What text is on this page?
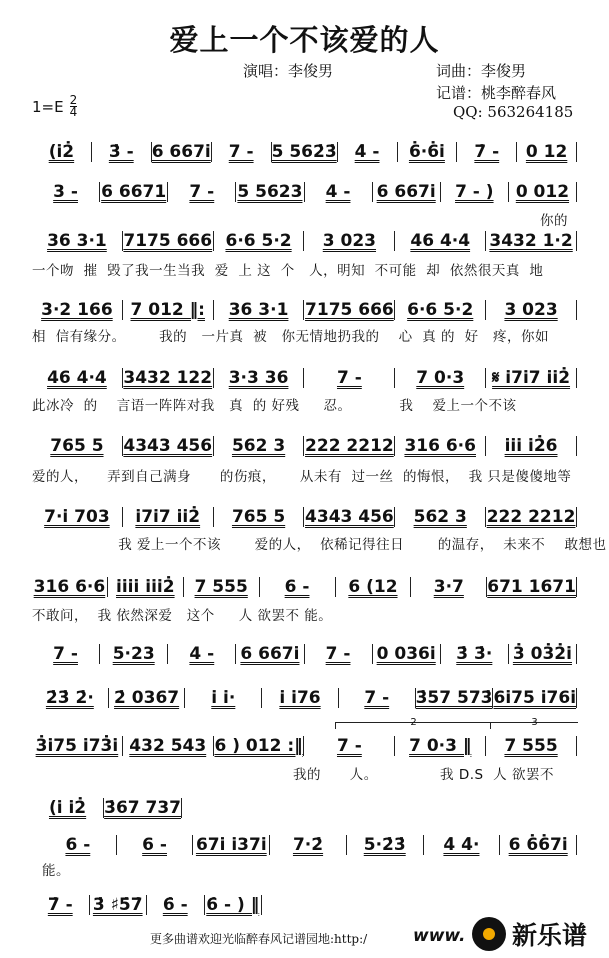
爱上一个不该爱的人
演唱：李俊男	词曲：李俊男
记谱：桃李醉春风
QQ: 563264185
$1=E \frac{2}{4}$
(i̇2̇	3̇ -	6 667i̇	7 -	5 562̇3̇	4̇ -	6̇·6̇i̇	7̇ -	0 12
3 -	6 6671	7 -	5 5623	4 -	6 667i̇	7 - )	0 012
你的
36 3·1 7175 666 6·6 5·2	3 023	46 4·4	3432 1·2
一个吻  摧  毁了我一生当我  爱  上 这  个   人，明知  不可能  却  依然很天真  地
3·2 166	7 012 ‖:	36 3·1 7175 666 6·6 5·2	3 023
相  信有缘分。       我的   一片真  被   你无情地扔我的    心  真 的  好   疼，你如
46 4·4 3432 122 3·3 36	7 -	7 0·3	𝄋 i̇7i̇7 i̇i̇2̇
此冰冷  的    言语一阵阵对我   真  的 好残     忍。          我    爱上一个不该
765 5	4343 456	562 3	222 2212 316 6·6	i̇i̇i̇ i̇2̇6
爱的人，    弄到自己满身      的伤痕，     从未有  过一丝  的悔恨，  我 只是傻傻地等
7·i̇ 703	i̇7i̇7 i̇i̇2̇	765 5	4343 456	562 3	222 2212
我 爱上一个不该       爱的人，  依稀记得往日       的温存，  未来不    敢想也
316 6·6 i̇i̇i̇i̇ i̇i̇i̇2̇	7 555	6 -	6 (12	3·7	671 1671
不敢问，  我 依然深爱   这个     人 欲罢不 能。
7 -	5·23	4 -	6 667i̇	7 -	0 036i̇	3̇ 3̇·	3̇ 03̇2̇i̇
2̇3̇ 2̇·	2̇ 0367	i̇ i̇·	i̇ i̇76	7 -	3̇57 573̇ 6i̇75 i̇76i̇
3̇i̇75 i̇73̇i̇ 432 543 6 ) 012 :‖	7 -	7 0·3 ‖	7 555
我的      人。             我 D.S  人 欲罢不
2	3
(i̇ i̇2̇	3̇67 737
6 -	6 -	67i̇ i̇37i̇	7·2̇	5·2̇3̇	4̇ 4̇·	6 6̇6̇7i̇
能。
7̇ -	3̇ ♯5̇7̇	6̇ -	6̇ - ) ‖
更多曲谱欢迎光临醉春风记谱园地:http:/	www. 新乐谱
